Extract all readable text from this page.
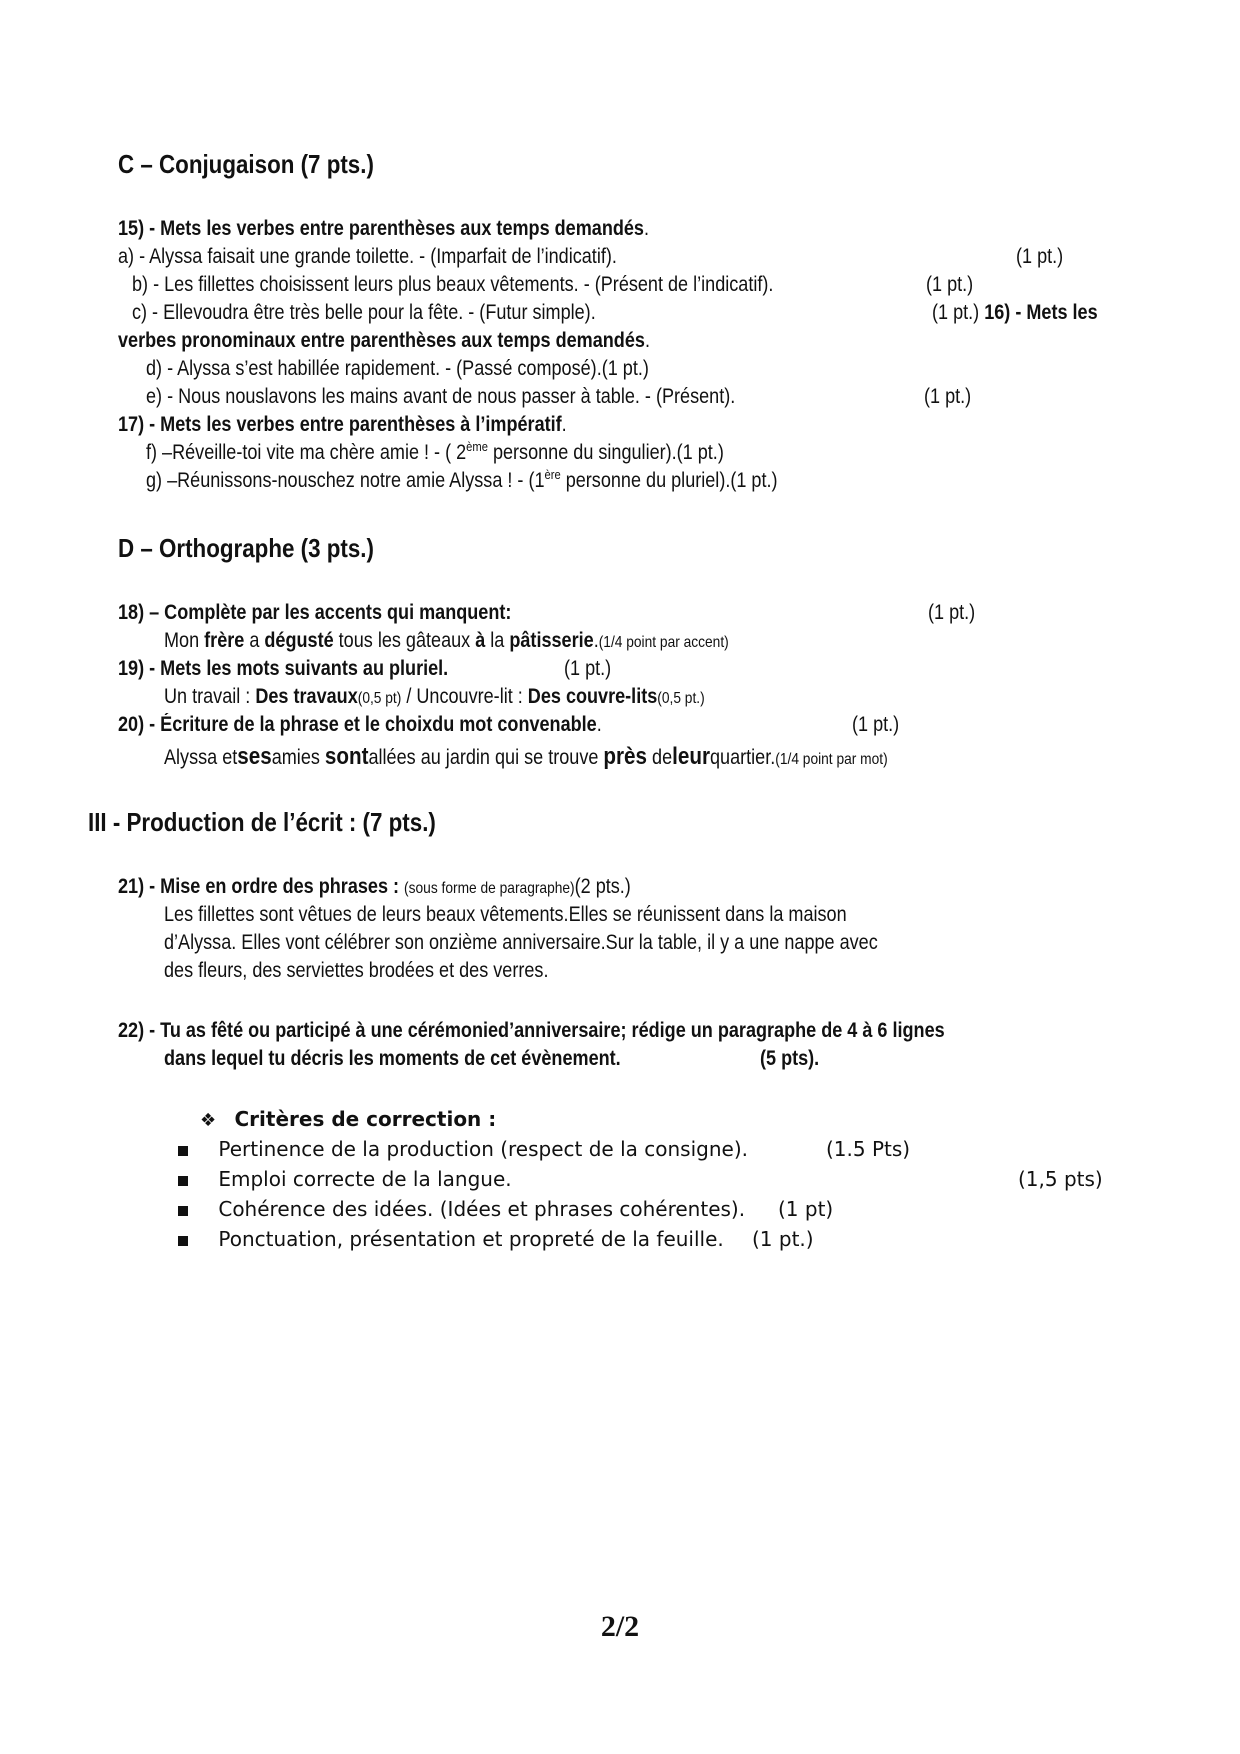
C – Conjugaison (7 pts.)
15) - Mets les verbes entre parenthèses aux temps demandés.
a) - Alyssa faisait une grande toilette. - (Imparfait de l’indicatif).	(1 pt.)
b) - Les fillettes choisissent leurs plus beaux vêtements. - (Présent de l’indicatif).	(1 pt.)
c) - Ellevoudra être très belle pour la fête. - (Futur simple).	(1 pt.) 16) - Mets les
verbes pronominaux entre parenthèses aux temps demandés.
d) - Alyssa s’est habillée rapidement. - (Passé composé).(1 pt.)
e) - Nous nouslavons les mains avant de nous passer à table. - (Présent).	(1 pt.)
17) - Mets les verbes entre parenthèses à l’impératif.
f) –Réveille-toi vite ma chère amie ! - ( 2ème personne du singulier).(1 pt.)
g) –Réunissons-nouschez notre amie Alyssa ! - (1ère personne du pluriel).(1 pt.)
D – Orthographe (3 pts.)
18) – Complète par les accents qui manquent:	(1 pt.)
Mon frère a dégusté tous les gâteaux à la pâtisserie.(1/4 point par accent)
19) - Mets les mots suivants au pluriel.	(1 pt.)
Un travail : Des travaux(0,5 pt) / Uncouvre-lit : Des couvre-lits(0,5 pt.)
20) - Écriture de la phrase et le choixdu mot convenable.	(1 pt.)
Alyssa etsesamies sontallées au jardin qui se trouve près deleurquartier.(1/4 point par mot)
III - Production de l’écrit : (7 pts.)
21) - Mise en ordre des phrases : (sous forme de paragraphe)(2 pts.)
Les fillettes sont vêtues de leurs beaux vêtements.Elles se réunissent dans la maison
d’Alyssa. Elles vont célébrer son onzième anniversaire.Sur la table, il y a une nappe avec
des fleurs, des serviettes brodées et des verres.
22) - Tu as fêté ou participé à une cérémonied’anniversaire; rédige un paragraphe de 4 à 6 lignes
dans lequel tu décris les moments de cet évènement.	(5 pts).
❖ Critères de correction :
Pertinence de la production (respect de la consigne).	(1.5 Pts)
Emploi correcte de la langue.	(1,5 pts)
Cohérence des idées. (Idées et phrases cohérentes). (1 pt)
Ponctuation, présentation et propreté de la feuille. (1 pt.)
2/2
